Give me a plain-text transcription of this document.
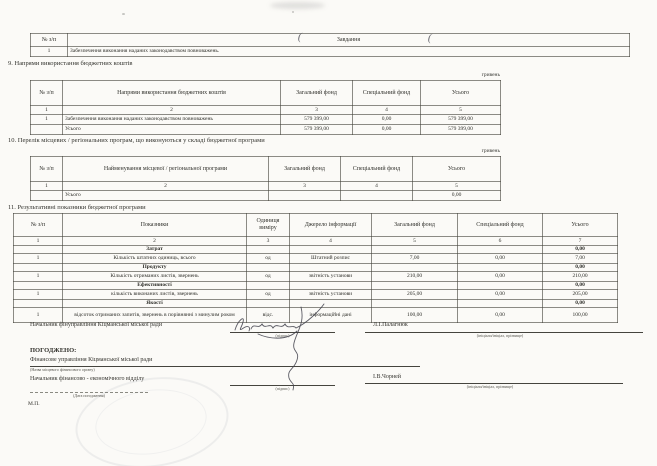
№ з/п	Завдання
1	Забезпечення виконання наданих законодавством повноважень.
(	(
9. Напрями використання бюджетних коштів
гривень
№ з/п	Напрями використання бюджетних коштів	Загальний фонд	Спеціальний фонд	Усього
1	2	3	4	5
1	Забезпечення виконання наданих законодавством повноважень	579 399,00	0,00	579 399,00
	Усього	579 399,00	0,00	579 399,00
10. Перелік місцевих / регіональних програм, що виконуються у складі бюджетної програми
гривень
№ з/п	Найменування місцевої / регіональної програми	Загальний фонд	Спеціальний фонд	Усього
1	2	3	4	5
	Усього			0,00
11. Результативні показники бюджетної програми
№ з/п	Показники	Одиниця виміру	Джерело інформації	Загальний фонд	Спеціальний фонд	Усього
1	2	3	4	5	6	7
	Затрат					0,00
1	Кількість штатних одиниць, всього	од	Штатний розпис	7,00	0,00	7,00
	Продукту					0,00
1	Кількість отриманих листів, звернень	од	звітність установи	210,00	0,00	210,00
	Ефективності					0,00
1	кількість виконаних листів, звернень	од	звітність установи	205,00	0,00	205,00
	Якості					0,00
1	відсоток отриманих запитів, звернень в порівнянні з минулим роком	відс.	інформаційні дані	100,00	0,00	100,00
Начальник фінуправління Кіцманської міської ради
(підпис)
Л.І.Палагнюк
(ініціали/ініціал, прізвище)
ПОГОДЖЕНО:
Фінансове управління Кіцманської міської ради
(Назва місцевого фінансового органу)
Начальник фінансово - економічного відділу
(підпис)
І.В.Чорней
(ініціали/ініціал, прізвище)
(Дата погодження)
М.П.
